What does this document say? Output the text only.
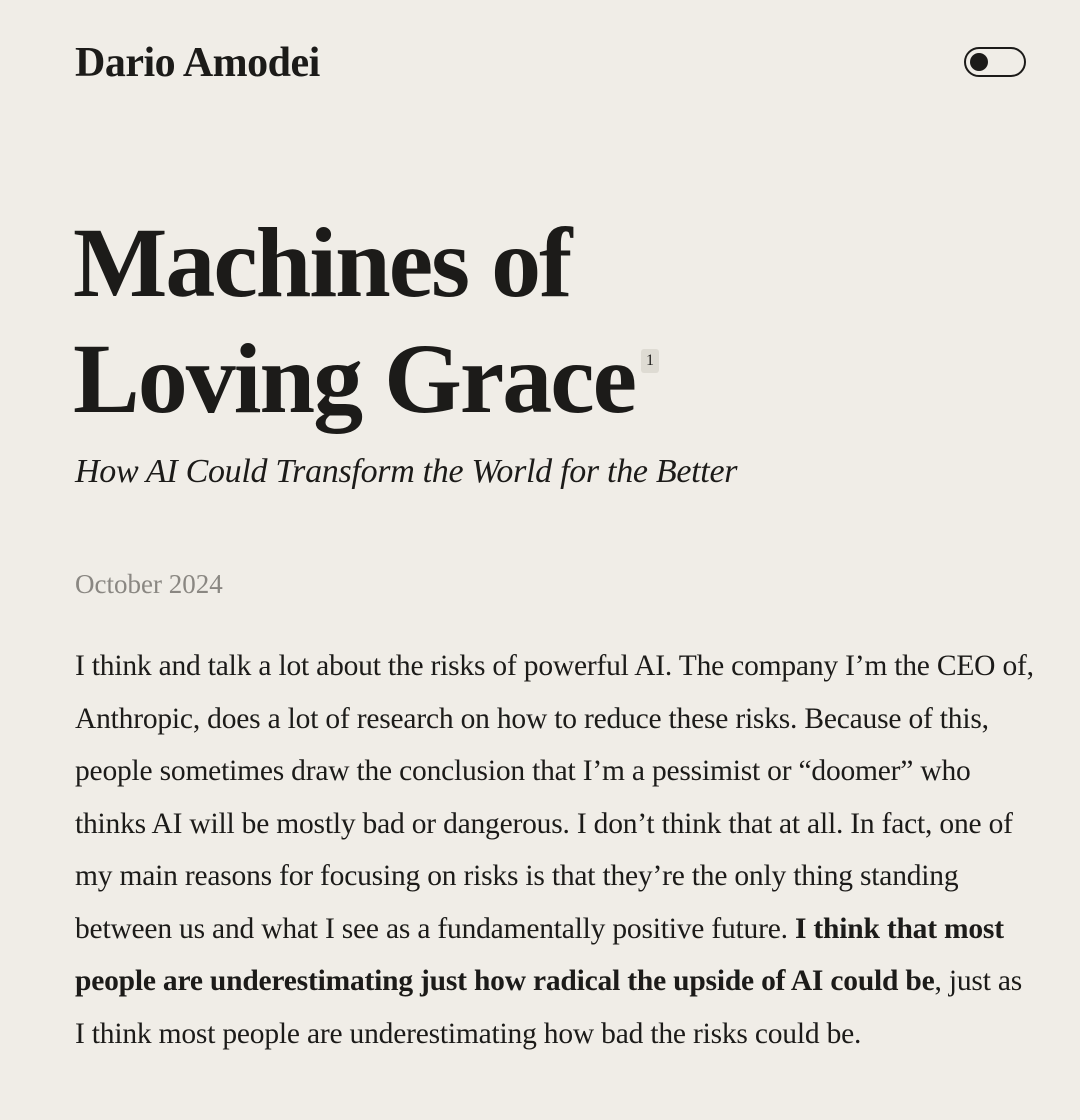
Dario Amodei
Machines of
Loving Grace $^1$

How AI Could Transform the World for the Better

October 2024

I think and talk a lot about the risks of powerful AI. The company I’m the CEO of, Anthropic, does a lot of research on how to reduce these risks. Because of this, people sometimes draw the conclusion that I’m a pessimist or “doomer” who thinks AI will be mostly bad or dangerous. I don’t think that at all. In fact, one of my main reasons for focusing on risks is that they’re the only thing standing between us and what I see as a fundamentally positive future. I think that most people are underestimating just how radical the upside of AI could be, just as I think most people are underestimating how bad the risks could be.
